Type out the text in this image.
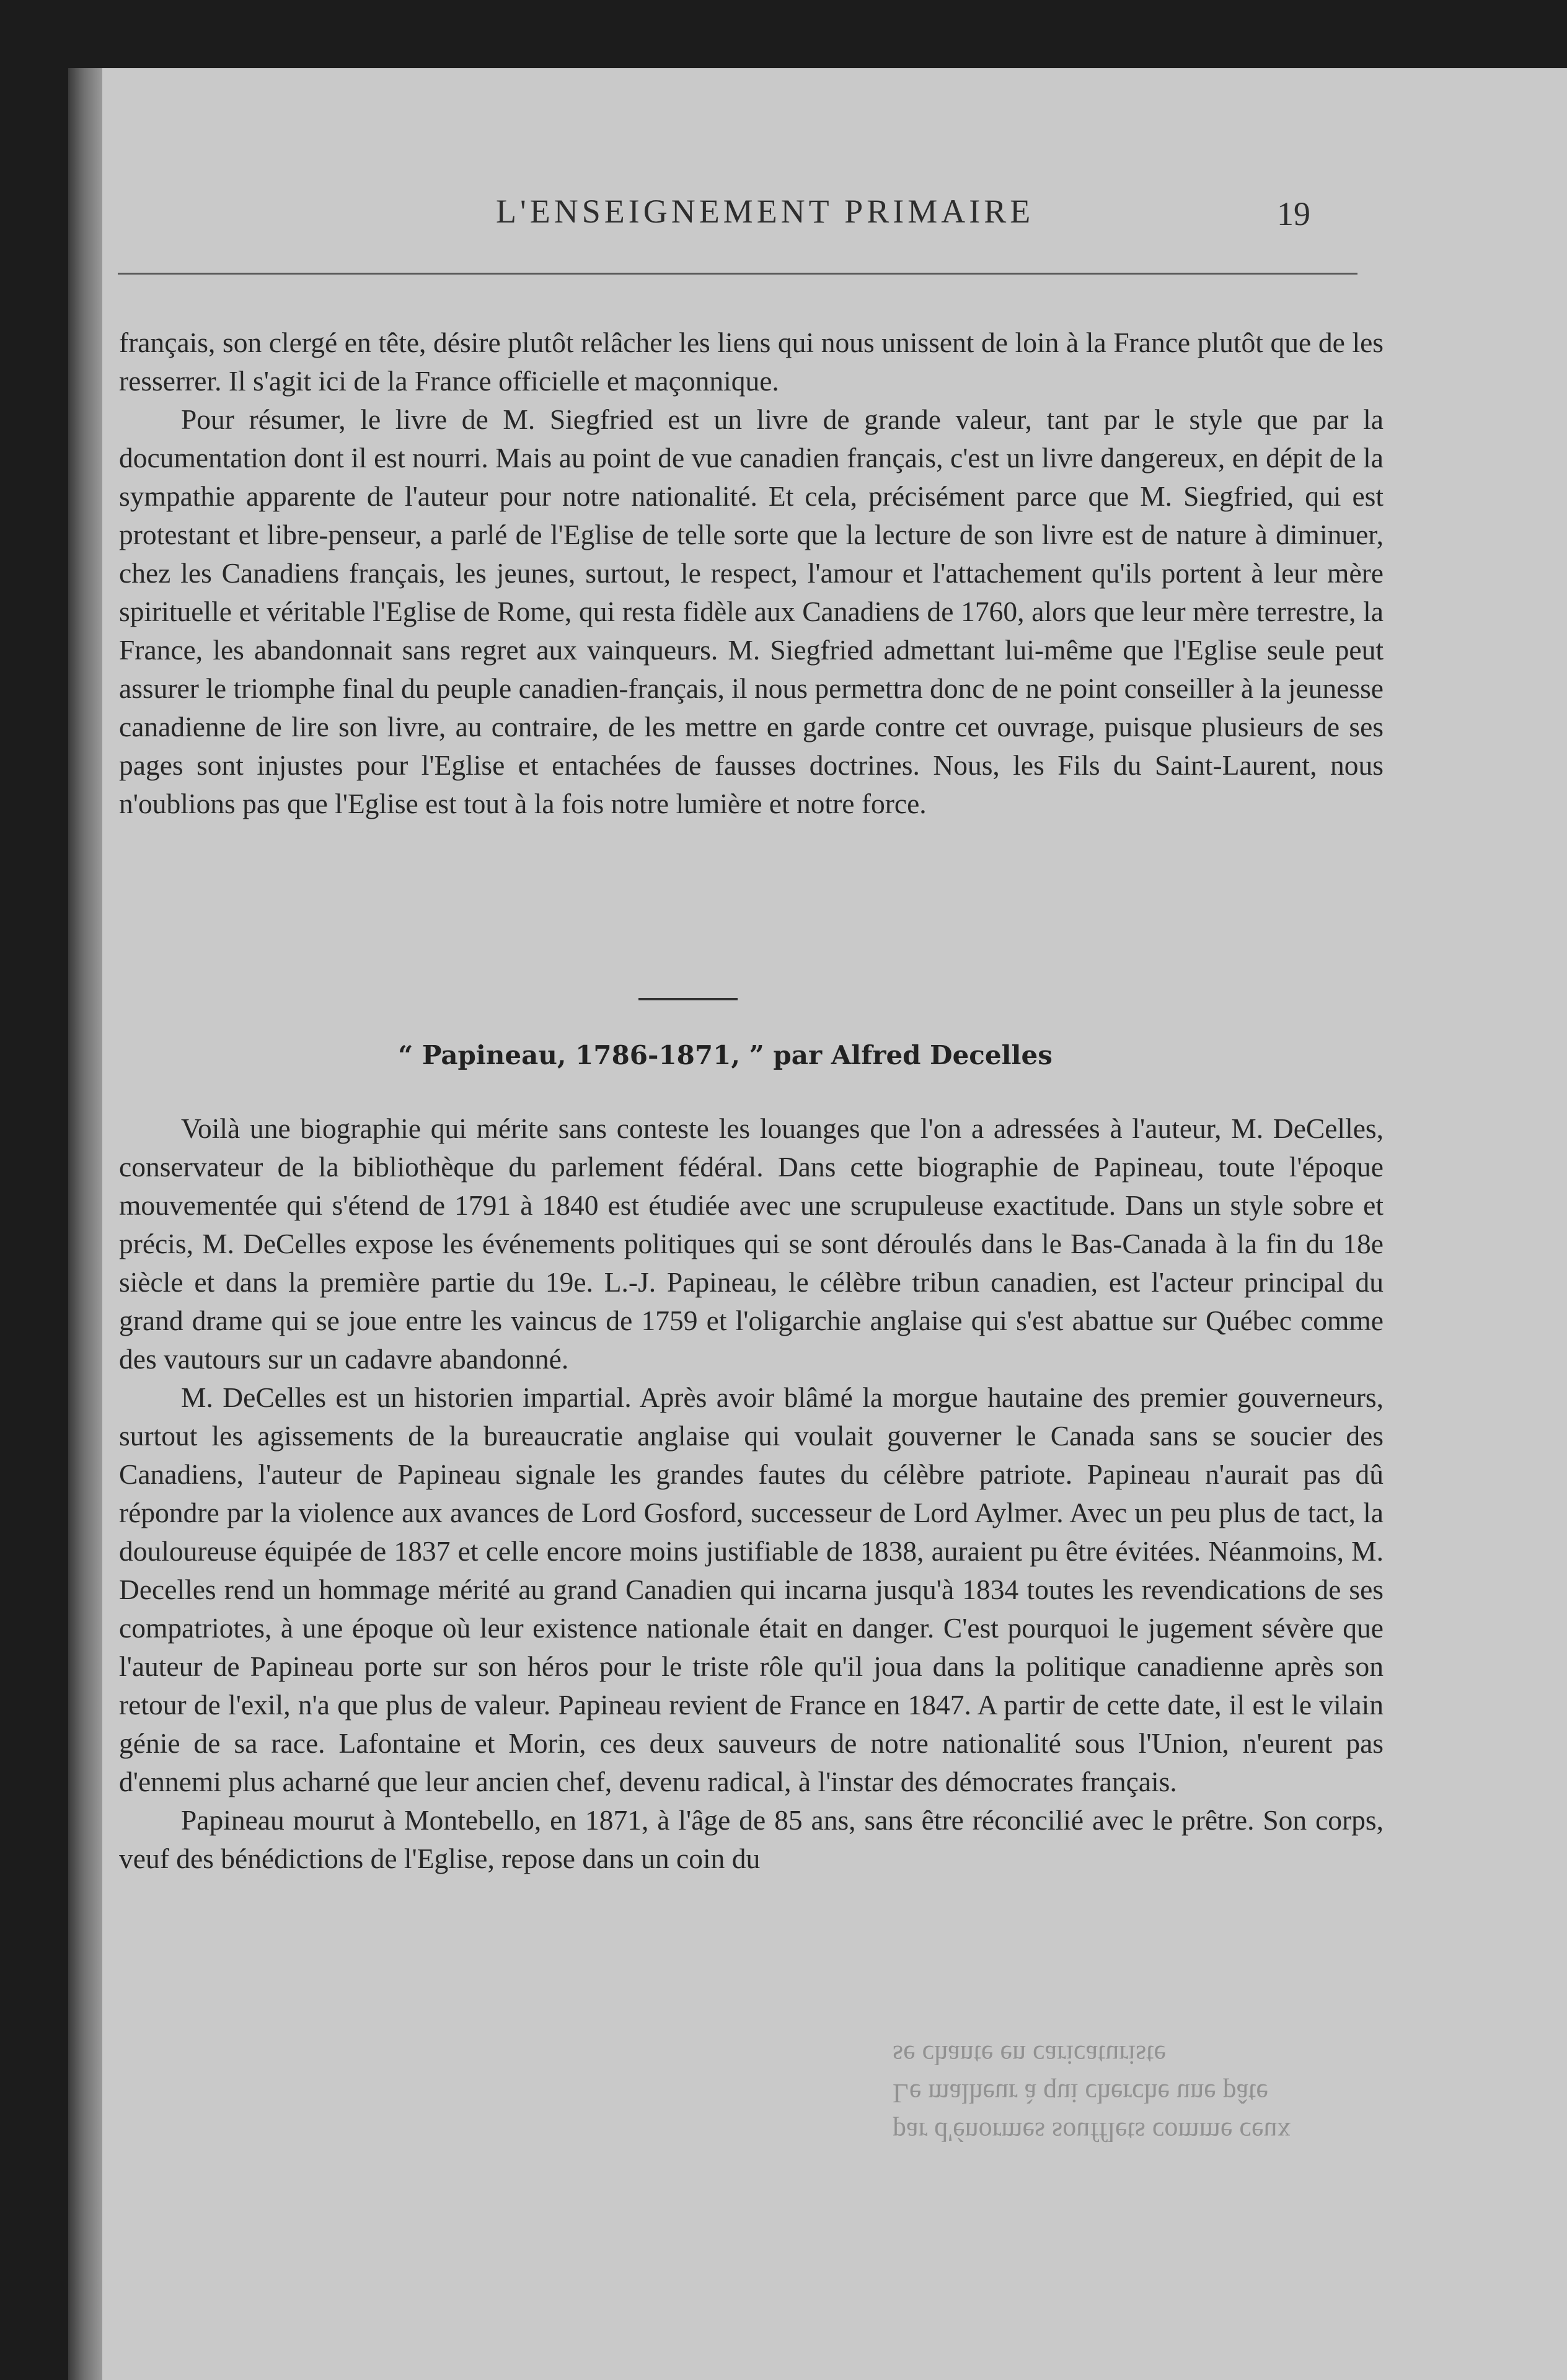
L'ENSEIGNEMENT PRIMAIRE	19

français, son clergé en tête, désire plutôt relâcher les liens qui nous unissent de loin à la France plutôt que de les resserrer. Il s'agit ici de la France officielle et maçonnique.

Pour résumer, le livre de M. Siegfried est un livre de grande valeur, tant par le style que par la documentation dont il est nourri. Mais au point de vue canadien français, c'est un livre dangereux, en dépit de la sympathie apparente de l'auteur pour notre nationalité. Et cela, précisément parce que M. Siegfried, qui est protestant et libre-penseur, a parlé de l'Eglise de telle sorte que la lecture de son livre est de nature à diminuer, chez les Canadiens français, les jeunes, surtout, le respect, l'amour et l'attachement qu'ils portent à leur mère spirituelle et véritable l'Eglise de Rome, qui resta fidèle aux Canadiens de 1760, alors que leur mère terrestre, la France, les abandonnait sans regret aux vainqueurs. M. Siegfried admettant lui-même que l'Eglise seule peut assurer le triomphe final du peuple canadien-français, il nous permettra donc de ne point conseiller à la jeunesse canadienne de lire son livre, au contraire, de les mettre en garde contre cet ouvrage, puisque plusieurs de ses pages sont injustes pour l'Eglise et entachées de fausses doctrines. Nous, les Fils du Saint-Laurent, nous n'oublions pas que l'Eglise est tout à la fois notre lumière et notre force.

“ Papineau, 1786-1871, ” par Alfred Decelles

Voilà une biographie qui mérite sans conteste les louanges que l'on a adressées à l'auteur, M. DeCelles, conservateur de la bibliothèque du parlement fédéral. Dans cette biographie de Papineau, toute l'époque mouvementée qui s'étend de 1791 à 1840 est étudiée avec une scrupuleuse exactitude. Dans un style sobre et précis, M. DeCelles expose les événements politiques qui se sont déroulés dans le Bas-Canada à la fin du 18e siècle et dans la première partie du 19e. L.-J. Papineau, le célèbre tribun canadien, est l'acteur principal du grand drame qui se joue entre les vaincus de 1759 et l'oligarchie anglaise qui s'est abattue sur Québec comme des vautours sur un cadavre abandonné.

M. DeCelles est un historien impartial. Après avoir blâmé la morgue hautaine des premier gouverneurs, surtout les agissements de la bureaucratie anglaise qui voulait gouverner le Canada sans se soucier des Canadiens, l'auteur de Papineau signale les grandes fautes du célèbre patriote. Papineau n'aurait pas dû répondre par la violence aux avances de Lord Gosford, successeur de Lord Aylmer. Avec un peu plus de tact, la douloureuse équipée de 1837 et celle encore moins justifiable de 1838, auraient pu être évitées. Néanmoins, M. Decelles rend un hommage mérité au grand Canadien qui incarna jusqu'à 1834 toutes les revendications de ses compatriotes, à une époque où leur existence nationale était en danger. C'est pourquoi le jugement sévère que l'auteur de Papineau porte sur son héros pour le triste rôle qu'il joua dans la politique canadienne après son retour de l'exil, n'a que plus de valeur. Papineau revient de France en 1847. A partir de cette date, il est le vilain génie de sa race. Lafontaine et Morin, ces deux sauveurs de notre nationalité sous l'Union, n'eurent pas d'ennemi plus acharné que leur ancien chef, devenu radical, à l'instar des démocrates français.

Papineau mourut à Montebello, en 1871, à l'âge de 85 ans, sans être réconcilié avec le prêtre. Son corps, veuf des bénédictions de l'Eglise, repose dans un coin du

par d'énormes soufflets comme ceux
Le malheur à qui cherche une pâte
se chante en caricaturiste
